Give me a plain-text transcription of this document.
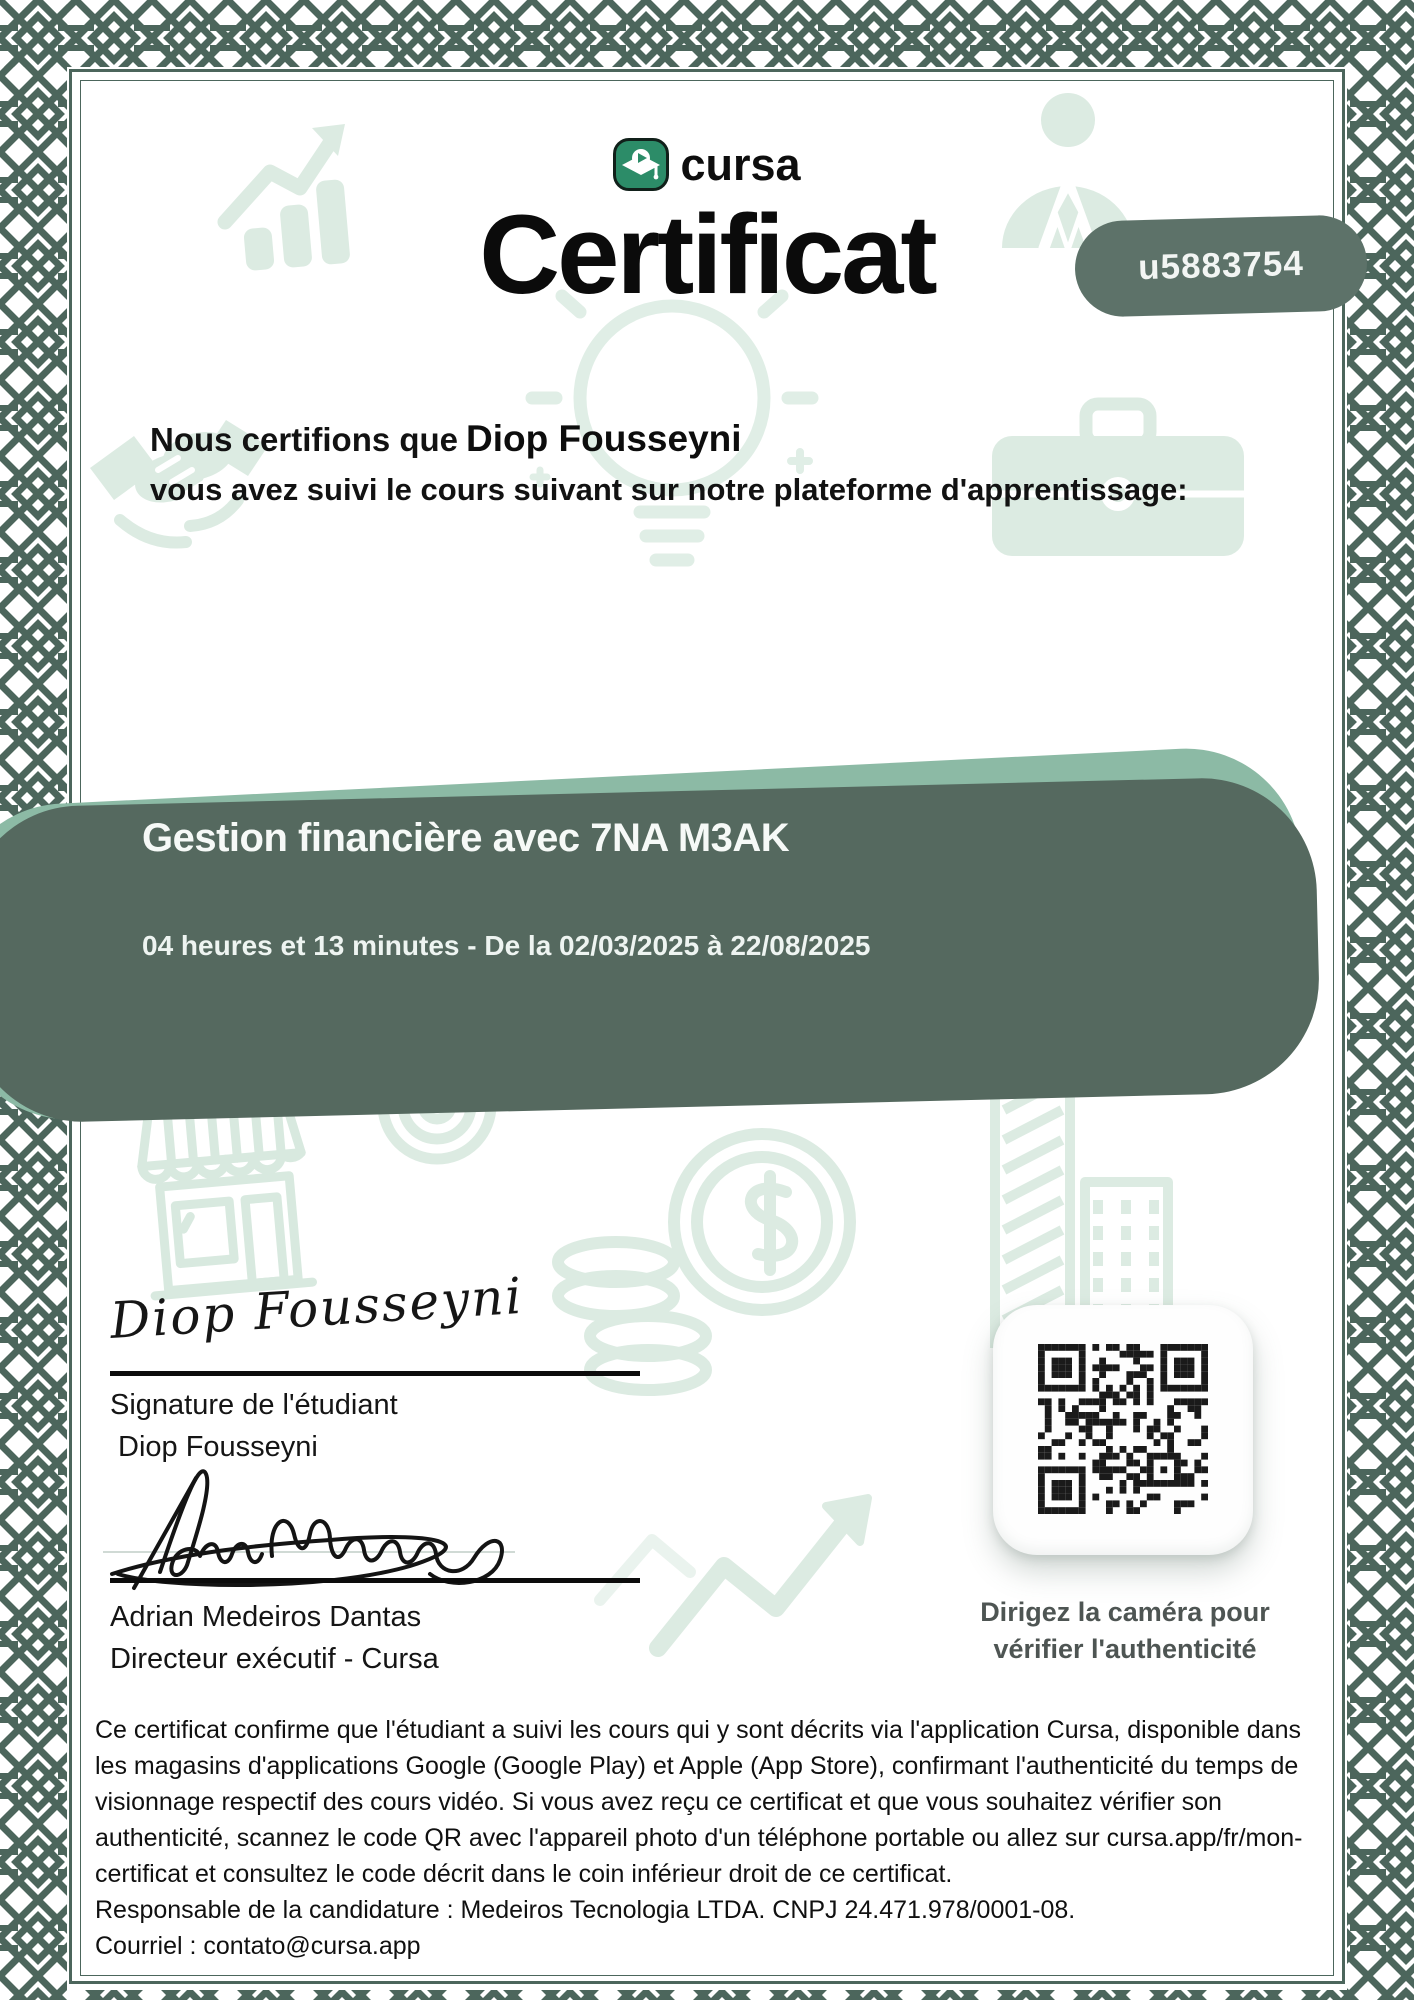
cursa
Certificat	u5883754
Nous certifions que Diop Fousseyni
vous avez suivi le cours suivant sur notre plateforme d'apprentissage:
Gestion financière avec 7NA M3AK
04 heures et 13 minutes - De la 02/03/2025 à 22/08/2025
Diop Fousseyni
Signature de l'étudiant
Diop Fousseyni
Adrian Medeiros Dantas
Directeur exécutif - Cursa
Dirigez la caméra pour
vérifier l'authenticité

Ce certificat confirme que l'étudiant a suivi les cours qui y sont décrits via l'application Cursa, disponible dans les magasins d'applications Google (Google Play) et Apple (App Store), confirmant l'authenticité du temps de visionnage respectif des cours vidéo. Si vous avez reçu ce certificat et que vous souhaitez vérifier son authenticité, scannez le code QR avec l'appareil photo d'un téléphone portable ou allez sur cursa.app/fr/mon-certificat et consultez le code décrit dans le coin inférieur droit de ce certificat.

Responsable de la candidature : Medeiros Tecnologia LTDA. CNPJ 24.471.978/0001-08.

Courriel : contato@cursa.app
